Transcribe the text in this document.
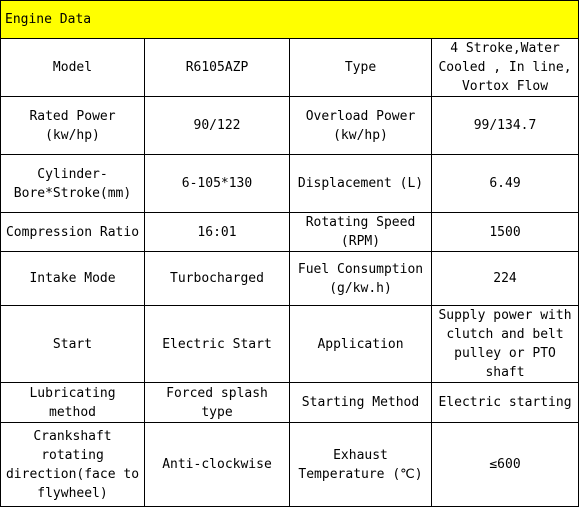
Engine Data			
Model	R6105AZP	Type	4 Stroke,Water Cooled , In line, Vortox Flow
Rated Power (kw/hp)	90/122	Overload Power (kw/hp)	99/134.7
Cylinder-Bore*Stroke(mm)	6-105*130	Displacement (L)	6.49
Compression Ratio	16:01	Rotating Speed (RPM)	1500
Intake Mode	Turbocharged	Fuel Consumption (g/kw.h)	224
Start	Electric Start	Application	Supply power with clutch and belt pulley or PTO shaft
Lubricating method	Forced splash type	Starting Method	Electric starting
Crankshaft rotating direction(face to flywheel)	Anti-clockwise	Exhaust Temperature (℃)	≤600
